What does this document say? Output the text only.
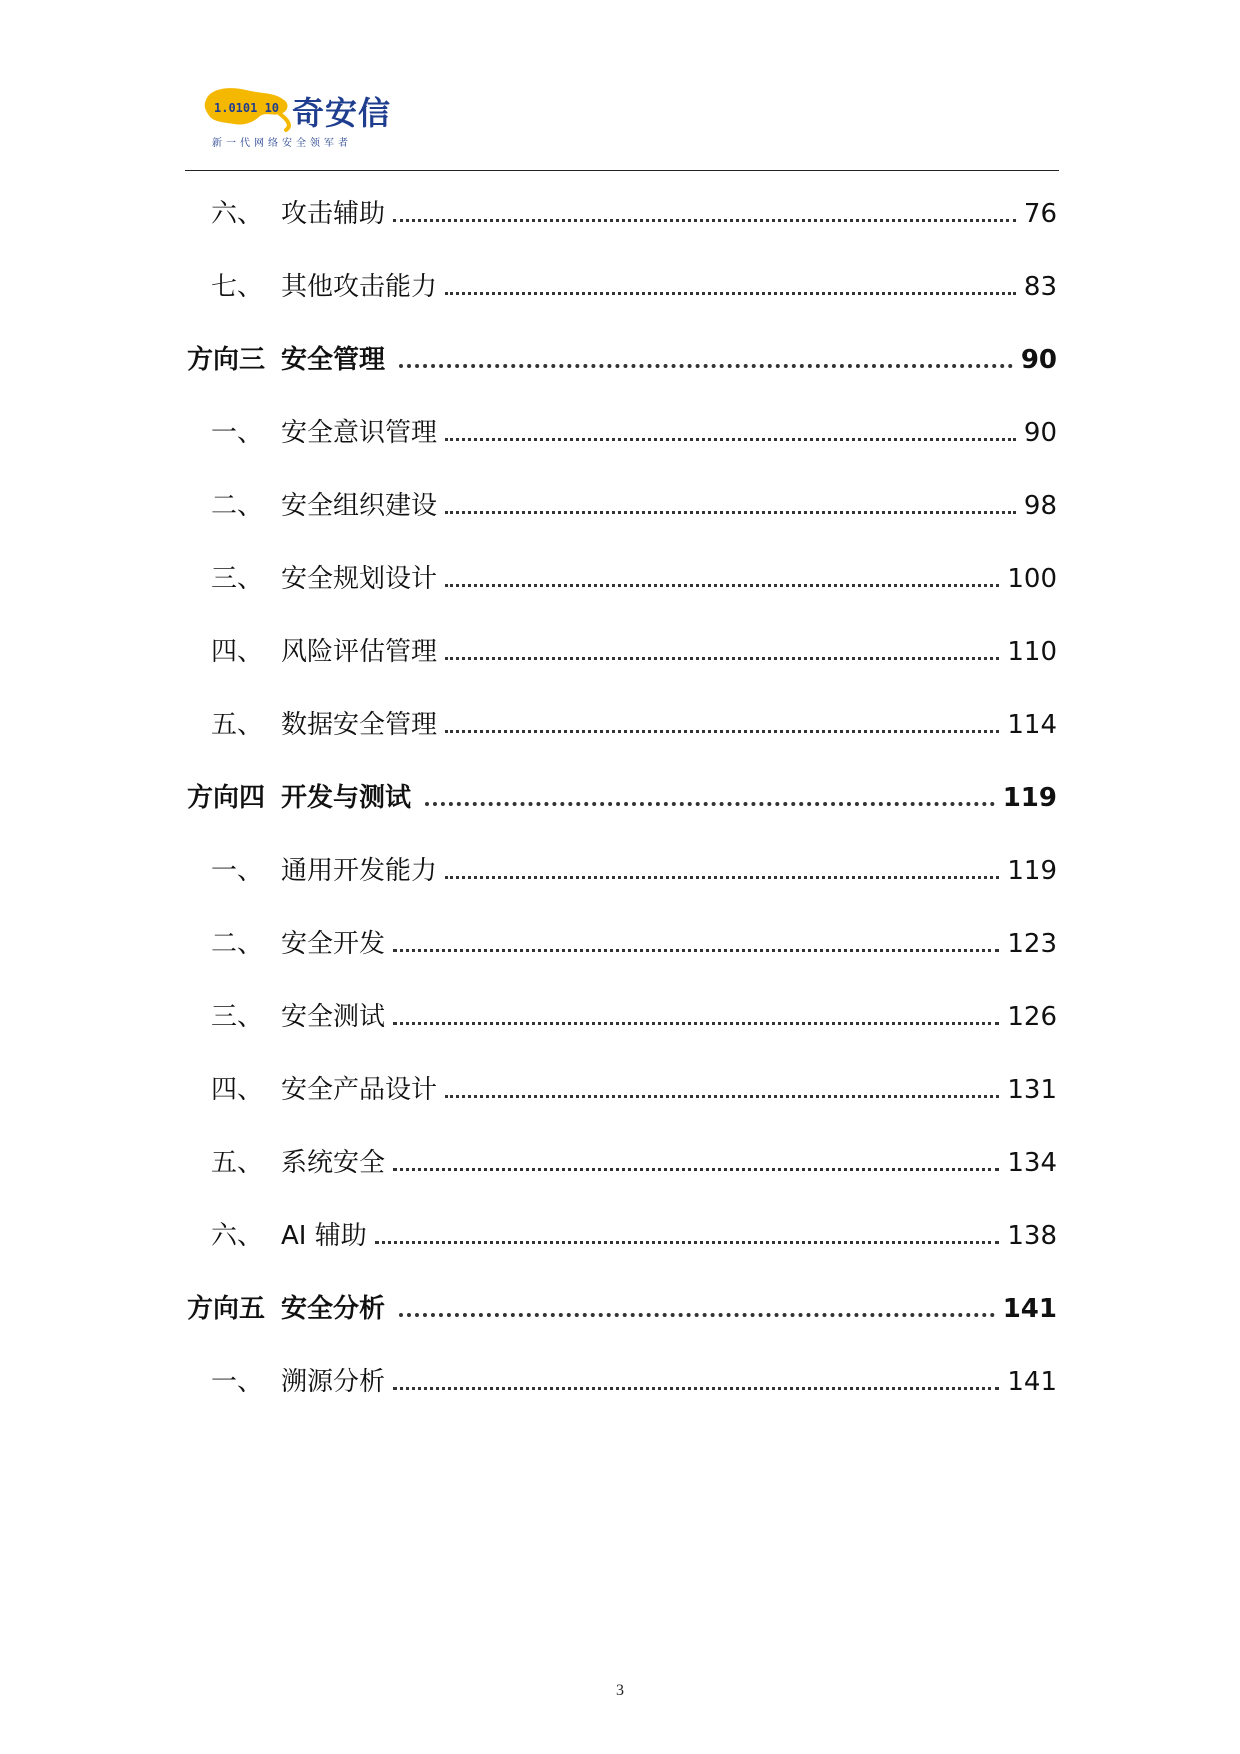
1.0101 10 奇安信
新一代网络安全领军者
六、 攻击辅助	76
七、 其他攻击能力	83
方向三 安全管理	90
一、 安全意识管理	90
二、 安全组织建设	98
三、 安全规划设计	100
四、 风险评估管理	110
五、 数据安全管理	114
方向四 开发与测试	119
一、 通用开发能力	119
二、 安全开发	123
三、 安全测试	126
四、 安全产品设计	131
五、 系统安全	134
六、 AI 辅助	138
方向五 安全分析	141
一、 溯源分析	141
3
